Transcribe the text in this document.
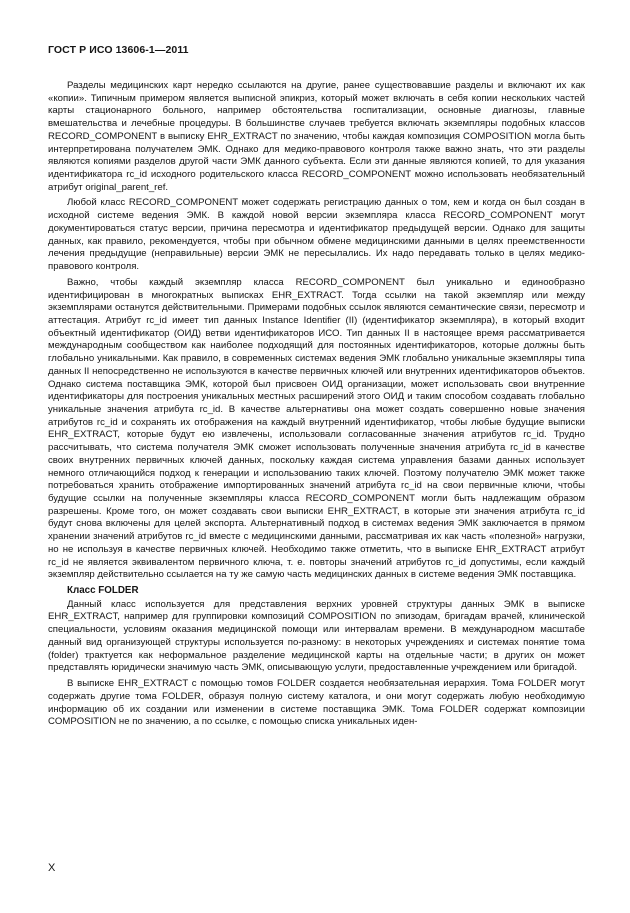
ГОСТ Р ИСО 13606-1—2011

Разделы медицинских карт нередко ссылаются на другие, ранее существовавшие разделы и включают их как «копии». Типичным примером является выписной эпикриз, который может включать в себя копии нескольких частей карты стационарного больного, например обстоятельства госпитализации, основные диагнозы, главные вмешательства и лечебные процедуры. В большинстве случаев требуется включать экземпляры подобных классов RECORD_COMPONENT в выписку EHR_EXTRACT по значению, чтобы каждая композиция COMPOSITION могла быть интерпретирована получателем ЭМК. Однако для медико-правового контроля также важно знать, что эти разделы являются копиями разделов другой части ЭМК данного субъекта. Если эти данные являются копией, то для указания идентификатора rc_id исходного родительского класса RECORD_COMPONENT можно использовать необязательный атрибут original_parent_ref.

Любой класс RECORD_COMPONENT может содержать регистрацию данных о том, кем и когда он был создан в исходной системе ведения ЭМК. В каждой новой версии экземпляра класса RECORD_COMPONENT могут документироваться статус версии, причина пересмотра и идентификатор предыдущей версии. Однако для защиты данных, как правило, рекомендуется, чтобы при обычном обмене медицинскими данными в целях преемственности лечения предыдущие (неправильные) версии ЭМК не пересылались. Их надо передавать только в целях медико-правового контроля.

Важно, чтобы каждый экземпляр класса RECORD_COMPONENT был уникально и единообразно идентифицирован в многократных выписках EHR_EXTRACT. Тогда ссылки на такой экземпляр или между экземплярами останутся действительными. Примерами подобных ссылок являются семантические связи, пересмотр и аттестация. Атрибут rc_id имеет тип данных Instance Identifier (II) (идентификатор экземпляра), в который входит объектный идентификатор (ОИД) ветви идентификаторов ИСО. Тип данных II в настоящее время рассматривается международным сообществом как наиболее подходящий для постоянных идентификаторов, которые должны быть глобально уникальными. Как правило, в современных системах ведения ЭМК глобально уникальные экземпляры типа данных II непосредственно не используются в качестве первичных ключей или внутренних идентификаторов объектов. Однако система поставщика ЭМК, которой был присвоен ОИД организации, может использовать свои внутренние идентификаторы для построения уникальных местных расширений этого ОИД и таким способом создавать глобально уникальные значения атрибута rc_id. В качестве альтернативы она может создать совершенно новые значения атрибутов rc_id и сохранять их отображения на каждый внутренний идентификатор, чтобы любые будущие выписки EHR_EXTRACT, которые будут ею извлечены, использовали согласованные значения атрибутов rc_id. Трудно рассчитывать, что система получателя ЭМК сможет использовать полученные значения атрибута rc_id в качестве своих внутренних первичных ключей данных, поскольку каждая система управления базами данных использует немного отличающийся подход к генерации и использованию таких ключей. Поэтому получателю ЭМК может также потребоваться хранить отображение импортированных значений атрибута rc_id на свои первичные ключи, чтобы будущие ссылки на полученные экземпляры класса RECORD_COMPONENT могли быть надлежащим образом разрешены. Кроме того, он может создавать свои выписки EHR_EXTRACT, в которые эти значения атрибута rc_id будут снова включены для целей экспорта. Альтернативный подход в системах ведения ЭМК заключается в прямом хранении значений атрибутов rc_id вместе с медицинскими данными, рассматривая их как часть «полезной» нагрузки, но не используя в качестве первичных ключей. Необходимо также отметить, что в выписке EHR_EXTRACT атрибут rc_id не является эквивалентом первичного ключа, т. е. повторы значений атрибутов rc_id допустимы, если каждый экземпляр действительно ссылается на ту же самую часть медицинских данных в системе ведения ЭМК поставщика.

Класс FOLDER

Данный класс используется для представления верхних уровней структуры данных ЭМК в выписке EHR_EXTRACT, например для группировки композиций COMPOSITION по эпизодам, бригадам врачей, клинической специальности, условиям оказания медицинской помощи или интервалам времени. В международном масштабе данный вид организующей структуры используется по-разному: в некоторых учреждениях и системах понятие тома (folder) трактуется как неформальное разделение медицинской карты на отдельные части; в других он может представлять юридически значимую часть ЭМК, описывающую услуги, предоставленные учреждением или бригадой.

В выписке EHR_EXTRACT с помощью томов FOLDER создается необязательная иерархия. Тома FOLDER могут содержать другие тома FOLDER, образуя полную систему каталога, и они могут содержать любую необходимую информацию об их создании или изменении в системе поставщика ЭМК. Тома FOLDER содержат композиции COMPOSITION не по значению, а по ссылке, с помощью списка уникальных иден-

X
